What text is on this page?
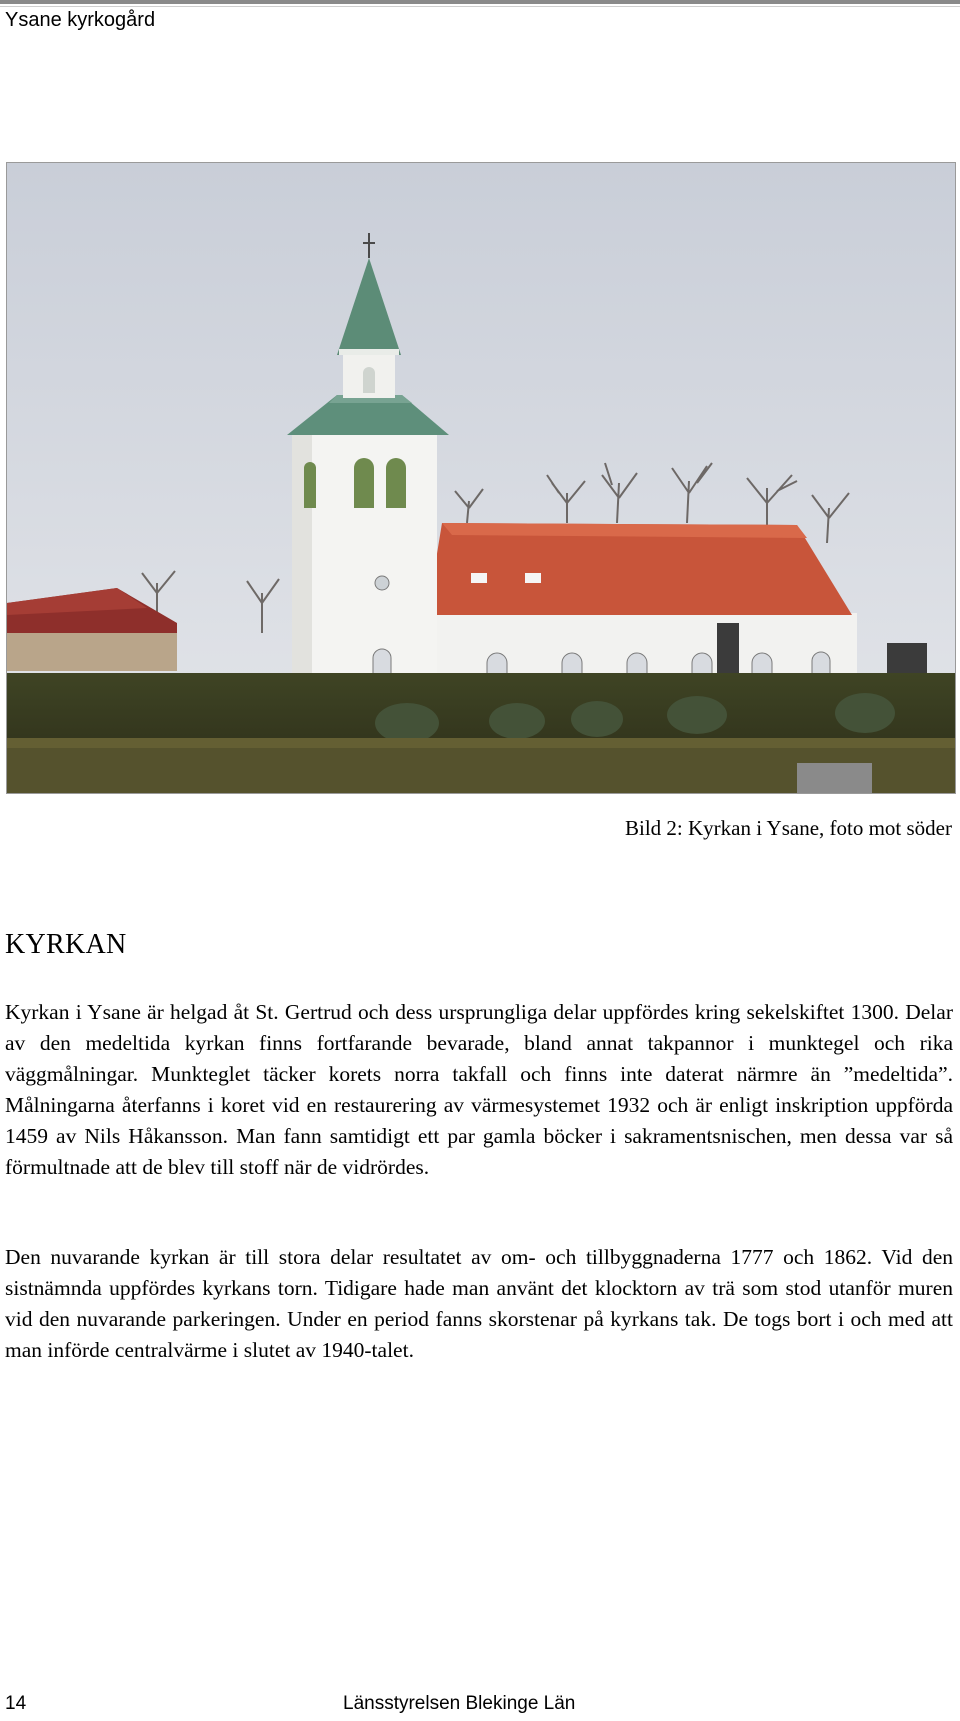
Ysane kyrkogård
Bild 2: Kyrkan i Ysane, foto mot söder
KYRKAN

Kyrkan i Ysane är helgad åt St. Gertrud och dess ursprungliga delar uppfördes kring sekelskiftet 1300. Delar av den medeltida kyrkan finns fortfarande bevarade, bland annat takpannor i munktegel och rika väggmålningar. Munkteglet täcker korets norra takfall och finns inte daterat närmre än ”medeltida”. Målningarna återfanns i koret vid en restaurering av värmesystemet 1932 och är enligt inskription uppförda 1459 av Nils Håkansson. Man fann samtidigt ett par gamla böcker i sakramentsnischen, men dessa var så förmultnade att de blev till stoff när de vidrördes.

Den nuvarande kyrkan är till stora delar resultatet av om- och tillbyggnaderna 1777 och 1862. Vid den sistnämnda uppfördes kyrkans torn. Tidigare hade man använt det klocktorn av trä som stod utanför muren vid den nuvarande parkeringen. Under en period fanns skorstenar på kyrkans tak. De togs bort i och med att man införde centralvärme i slutet av 1940-talet.

14	Länsstyrelsen Blekinge Län
